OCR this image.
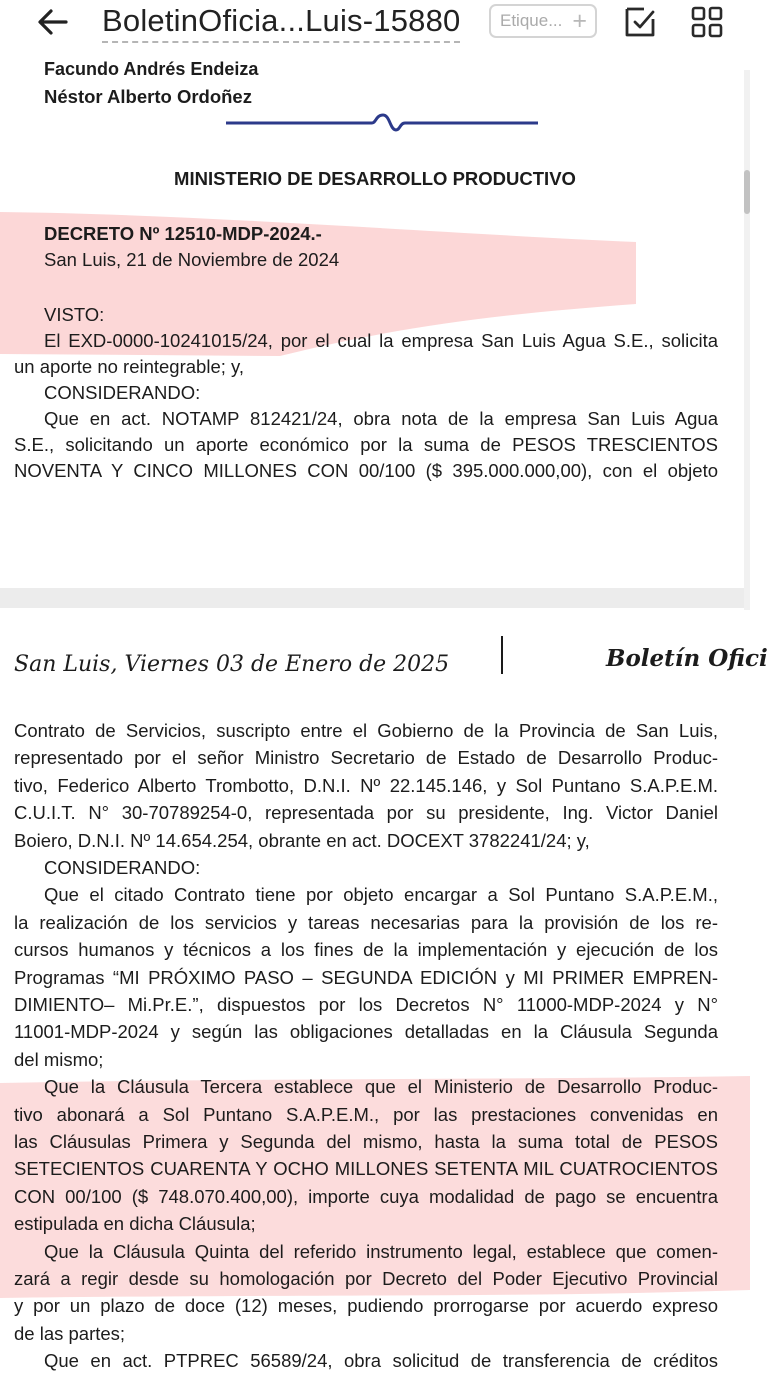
BoletinOficia...Luis-15880 Etique... +
Facundo Andrés Endeiza
Néstor Alberto Ordoñez
MINISTERIO DE DESARROLLO PRODUCTIVO
DECRETO Nº 12510-MDP-2024.-
San Luis, 21 de Noviembre de 2024
VISTO:
El EXD-0000-10241015/24, por el cual la empresa San Luis Agua S.E., solicita
un aporte no reintegrable; y,
CONSIDERANDO:
Que en act. NOTAMP 812421/24, obra nota de la empresa San Luis Agua
S.E., solicitando un aporte económico por la suma de PESOS TRESCIENTOS
NOVENTA Y CINCO MILLONES CON 00/100 ($ 395.000.000,00), con el objeto
San Luis, Viernes 03 de Enero de 2025	Boletín Ofici
Contrato de Servicios, suscripto entre el Gobierno de la Provincia de San Luis,
representado por el señor Ministro Secretario de Estado de Desarrollo Produc-
tivo, Federico Alberto Trombotto, D.N.I. Nº 22.145.146, y Sol Puntano S.A.P.E.M.
C.U.I.T. N° 30-70789254-0, representada por su presidente, Ing. Victor Daniel
Boiero, D.N.I. Nº 14.654.254, obrante en act. DOCEXT 3782241/24; y,
CONSIDERANDO:
Que el citado Contrato tiene por objeto encargar a Sol Puntano S.A.P.E.M.,
la realización de los servicios y tareas necesarias para la provisión de los re-
cursos humanos y técnicos a los fines de la implementación y ejecución de los
Programas “MI PRÓXIMO PASO – SEGUNDA EDICIÓN y MI PRIMER EMPREN-
DIMIENTO– Mi.Pr.E.”, dispuestos por los Decretos N° 11000-MDP-2024 y N°
11001-MDP-2024 y según las obligaciones detalladas en la Cláusula Segunda
del mismo;
Que la Cláusula Tercera establece que el Ministerio de Desarrollo Produc-
tivo abonará a Sol Puntano S.A.P.E.M., por las prestaciones convenidas en
las Cláusulas Primera y Segunda del mismo, hasta la suma total de PESOS
SETECIENTOS CUARENTA Y OCHO MILLONES SETENTA MIL CUATROCIENTOS
CON 00/100 ($ 748.070.400,00), importe cuya modalidad de pago se encuentra
estipulada en dicha Cláusula;
Que la Cláusula Quinta del referido instrumento legal, establece que comen-
zará a regir desde su homologación por Decreto del Poder Ejecutivo Provincial
y por un plazo de doce (12) meses, pudiendo prorrogarse por acuerdo expreso
de las partes;
Que en act. PTPREC 56589/24, obra solicitud de transferencia de créditos
